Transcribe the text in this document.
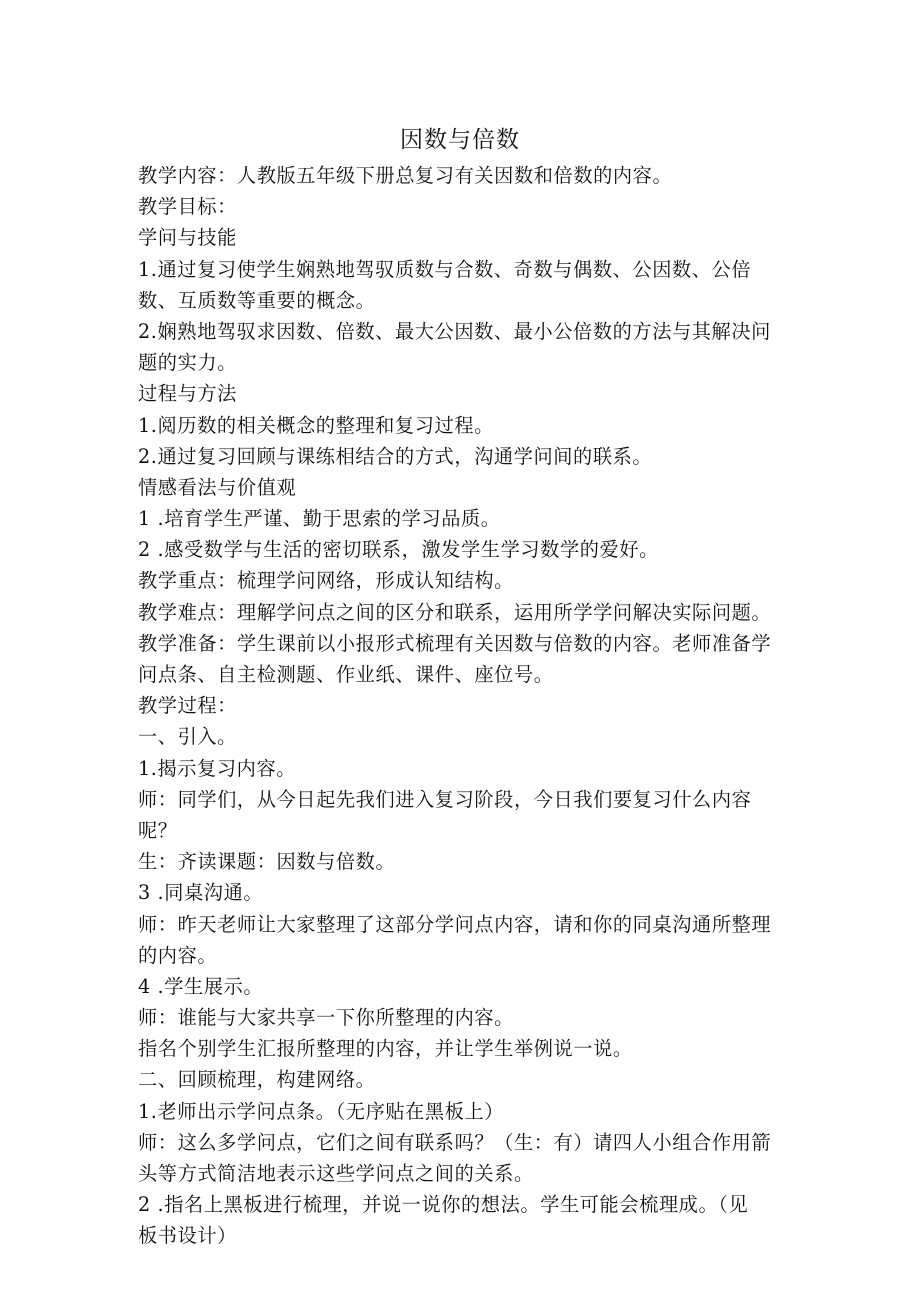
因数与倍数
教学内容：人教版五年级下册总复习有关因数和倍数的内容。
教学目标：
学问与技能
1.通过复习使学生娴熟地驾驭质数与合数、奇数与偶数、公因数、公倍
数、互质数等重要的概念。
2.娴熟地驾驭求因数、倍数、最大公因数、最小公倍数的方法与其解决问
题的实力。
过程与方法
1.阅历数的相关概念的整理和复习过程。
2.通过复习回顾与课练相结合的方式，沟通学问间的联系。
情感看法与价值观
1 .培育学生严谨、勤于思索的学习品质。
2 .感受数学与生活的密切联系，激发学生学习数学的爱好。
教学重点：梳理学问网络，形成认知结构。
教学难点：理解学问点之间的区分和联系，运用所学学问解决实际问题。
教学准备：学生课前以小报形式梳理有关因数与倍数的内容。老师准备学
问点条、自主检测题、作业纸、课件、座位号。
教学过程：
一、引入。
1.揭示复习内容。
师：同学们，从今日起先我们进入复习阶段，今日我们要复习什么内容
呢？
生：齐读课题：因数与倍数。
3 .同桌沟通。
师：昨天老师让大家整理了这部分学问点内容，请和你的同桌沟通所整理
的内容。
4 .学生展示。
师：谁能与大家共享一下你所整理的内容。
指名个别学生汇报所整理的内容，并让学生举例说一说。
二、回顾梳理，构建网络。
1.老师出示学问点条。（无序贴在黑板上）
师：这么多学问点，它们之间有联系吗？（生：有）请四人小组合作用箭
头等方式简洁地表示这些学问点之间的关系。
2 .指名上黑板进行梳理，并说一说你的想法。学生可能会梳理成。（见
板书设计）
